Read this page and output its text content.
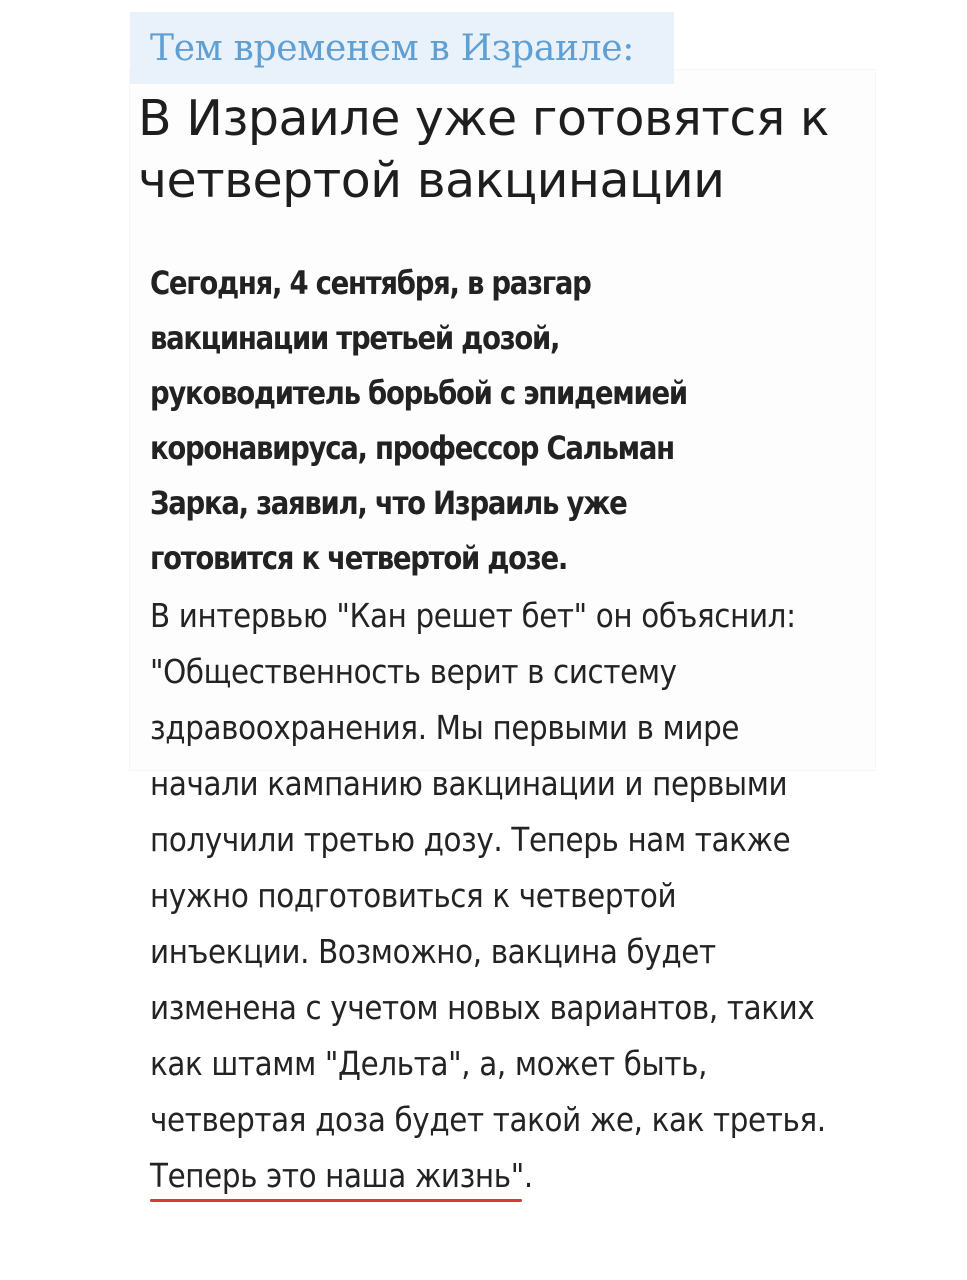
Тем временем в Израиле:
В Израиле уже готовятся к четвертой вакцинации

Сегодня, 4 сентября, в разгар вакцинации третьей дозой, руководитель борьбой с эпидемией коронавируса, профессор Сальман Зарка, заявил, что Израиль уже готовится к четвертой дозе.

В интервью "Кан решет бет" он объяснил: "Общественность верит в систему здравоохранения. Мы первыми в мире начали кампанию вакцинации и первыми получили третью дозу. Теперь нам также нужно подготовиться к четвертой инъекции. Возможно, вакцина будет изменена с учетом новых вариантов, таких как штамм "Дельта", а, может быть, четвертая доза будет такой же, как третья. Теперь это наша жизнь".
